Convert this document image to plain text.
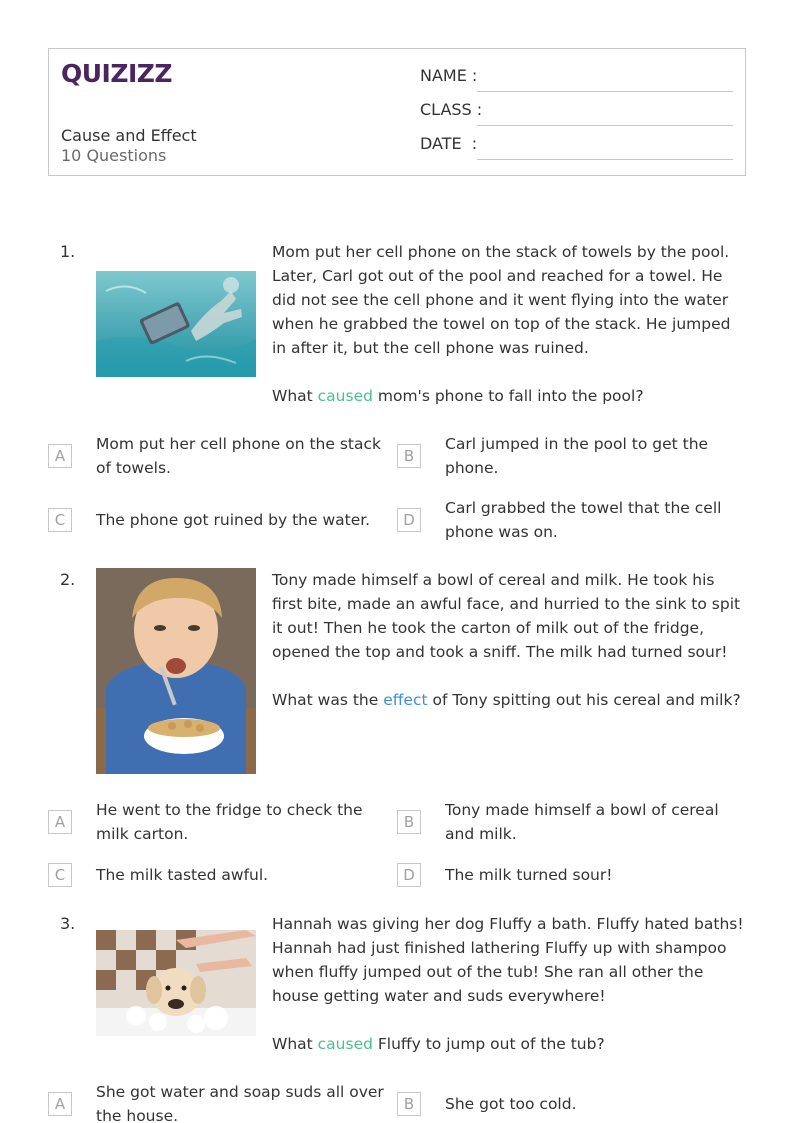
QUIZIZZ
Cause and Effect
10 Questions
NAME :
CLASS :
DATE  :
1.	Mom put her cell phone on the stack of towels by the pool. Later, Carl got out of the pool and reached for a towel. He did not see the cell phone and it went flying into the water when he grabbed the towel on top of the stack. He jumped in after it, but the cell phone was ruined.
What caused mom's phone to fall into the pool?
A
Mom put her cell phone on the stack of towels.
B
Carl jumped in the pool to get the phone.
C	The phone got ruined by the water.	D
Carl grabbed the towel that the cell phone was on.
2.	Tony made himself a bowl of cereal and milk. He took his first bite, made an awful face, and hurried to the sink to spit it out! Then he took the carton of milk out of the fridge, opened the top and took a sniff. The milk had turned sour!
What was the effect of Tony spitting out his cereal and milk?
A
He went to the fridge to check the milk carton.
B
Tony made himself a bowl of cereal and milk.
C	The milk tasted awful.	D	The milk turned sour!
3.	Hannah was giving her dog Fluffy a bath. Fluffy hated baths! Hannah had just finished lathering Fluffy up with shampoo when fluffy jumped out of the tub! She ran all other the house getting water and suds everywhere!
What caused Fluffy to jump out of the tub?
A
She got water and soap suds all over the house.
B	She got too cold.
